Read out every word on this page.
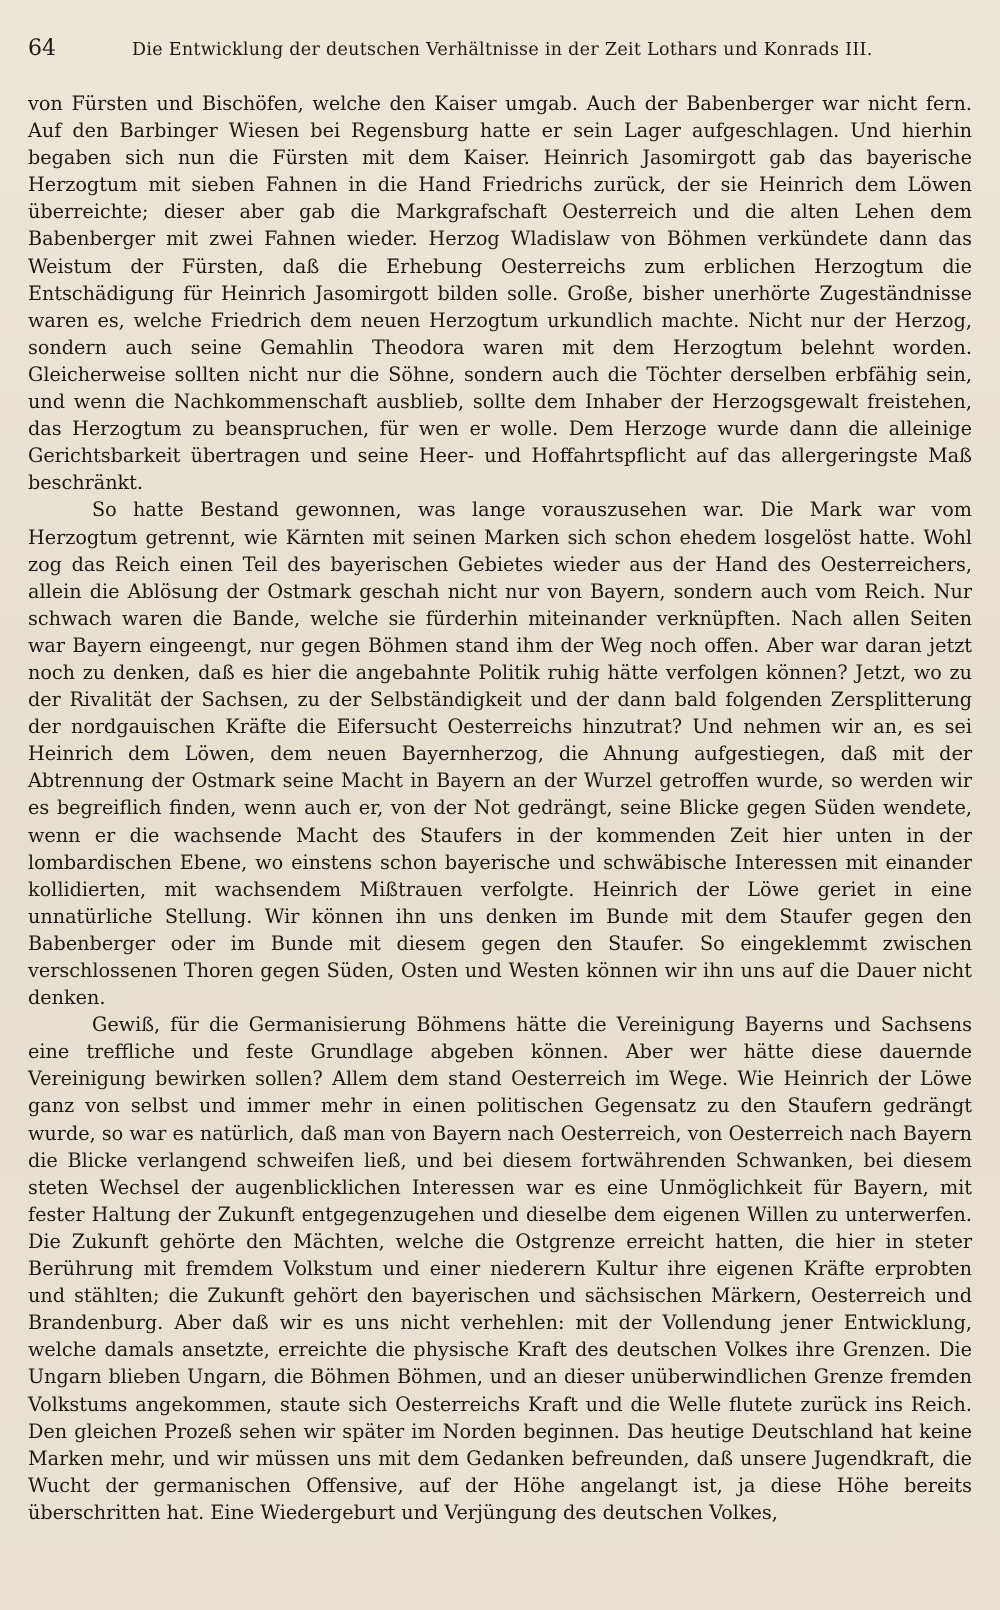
64	Die Entwicklung der deutschen Verhältnisse in der Zeit Lothars und Konrads III.

von Fürsten und Bischöfen, welche den Kaiser umgab. Auch der Babenberger war nicht fern. Auf den Barbinger Wiesen bei Regensburg hatte er sein Lager aufgeschlagen. Und hierhin begaben sich nun die Fürsten mit dem Kaiser. Heinrich Jasomirgott gab das bayerische Herzogtum mit sieben Fahnen in die Hand Friedrichs zurück, der sie Heinrich dem Löwen überreichte; dieser aber gab die Markgrafschaft Oesterreich und die alten Lehen dem Babenberger mit zwei Fahnen wieder. Herzog Wladislaw von Böhmen verkündete dann das Weistum der Fürsten, daß die Erhebung Oesterreichs zum erblichen Herzogtum die Entschädigung für Heinrich Jasomirgott bilden solle. Große, bisher unerhörte Zugeständnisse waren es, welche Friedrich dem neuen Herzogtum urkundlich machte. Nicht nur der Herzog, sondern auch seine Gemahlin Theodora waren mit dem Herzogtum belehnt worden. Gleicherweise sollten nicht nur die Söhne, sondern auch die Töchter derselben erbfähig sein, und wenn die Nachkommenschaft ausblieb, sollte dem Inhaber der Herzogsgewalt freistehen, das Herzogtum zu beanspruchen, für wen er wolle. Dem Herzoge wurde dann die alleinige Gerichtsbarkeit übertragen und seine Heer- und Hoffahrtspflicht auf das allergeringste Maß beschränkt.

So hatte Bestand gewonnen, was lange vorauszusehen war. Die Mark war vom Herzogtum getrennt, wie Kärnten mit seinen Marken sich schon ehedem losgelöst hatte. Wohl zog das Reich einen Teil des bayerischen Gebietes wieder aus der Hand des Oesterreichers, allein die Ablösung der Ostmark geschah nicht nur von Bayern, sondern auch vom Reich. Nur schwach waren die Bande, welche sie fürderhin miteinander verknüpften. Nach allen Seiten war Bayern eingeengt, nur gegen Böhmen stand ihm der Weg noch offen. Aber war daran jetzt noch zu denken, daß es hier die angebahnte Politik ruhig hätte verfolgen können? Jetzt, wo zu der Rivalität der Sachsen, zu der Selbständigkeit und der dann bald folgenden Zersplitterung der nordgauischen Kräfte die Eifersucht Oesterreichs hinzutrat? Und nehmen wir an, es sei Heinrich dem Löwen, dem neuen Bayernherzog, die Ahnung aufgestiegen, daß mit der Abtrennung der Ostmark seine Macht in Bayern an der Wurzel getroffen wurde, so werden wir es begreiflich finden, wenn auch er, von der Not gedrängt, seine Blicke gegen Süden wendete, wenn er die wachsende Macht des Staufers in der kommenden Zeit hier unten in der lombardischen Ebene, wo einstens schon bayerische und schwäbische Interessen mit einander kollidierten, mit wachsendem Mißtrauen verfolgte. Heinrich der Löwe geriet in eine unnatürliche Stellung. Wir können ihn uns denken im Bunde mit dem Staufer gegen den Babenberger oder im Bunde mit diesem gegen den Staufer. So eingeklemmt zwischen verschlossenen Thoren gegen Süden, Osten und Westen können wir ihn uns auf die Dauer nicht denken.

Gewiß, für die Germanisierung Böhmens hätte die Vereinigung Bayerns und Sachsens eine treffliche und feste Grundlage abgeben können. Aber wer hätte diese dauernde Vereinigung bewirken sollen? Allem dem stand Oesterreich im Wege. Wie Heinrich der Löwe ganz von selbst und immer mehr in einen politischen Gegensatz zu den Staufern gedrängt wurde, so war es natürlich, daß man von Bayern nach Oesterreich, von Oesterreich nach Bayern die Blicke verlangend schweifen ließ, und bei diesem fortwährenden Schwanken, bei diesem steten Wechsel der augenblicklichen Interessen war es eine Unmöglichkeit für Bayern, mit fester Haltung der Zukunft entgegenzugehen und dieselbe dem eigenen Willen zu unterwerfen. Die Zukunft gehörte den Mächten, welche die Ostgrenze erreicht hatten, die hier in steter Berührung mit fremdem Volkstum und einer niederern Kultur ihre eigenen Kräfte erprobten und stählten; die Zukunft gehört den bayerischen und sächsischen Märkern, Oesterreich und Brandenburg. Aber daß wir es uns nicht verhehlen: mit der Vollendung jener Entwicklung, welche damals ansetzte, erreichte die physische Kraft des deutschen Volkes ihre Grenzen. Die Ungarn blieben Ungarn, die Böhmen Böhmen, und an dieser unüberwindlichen Grenze fremden Volkstums angekommen, staute sich Oesterreichs Kraft und die Welle flutete zurück ins Reich. Den gleichen Prozeß sehen wir später im Norden beginnen. Das heutige Deutschland hat keine Marken mehr, und wir müssen uns mit dem Gedanken befreunden, daß unsere Jugendkraft, die Wucht der germanischen Offensive, auf der Höhe angelangt ist, ja diese Höhe bereits überschritten hat. Eine Wiedergeburt und Verjüngung des deutschen Volkes,
